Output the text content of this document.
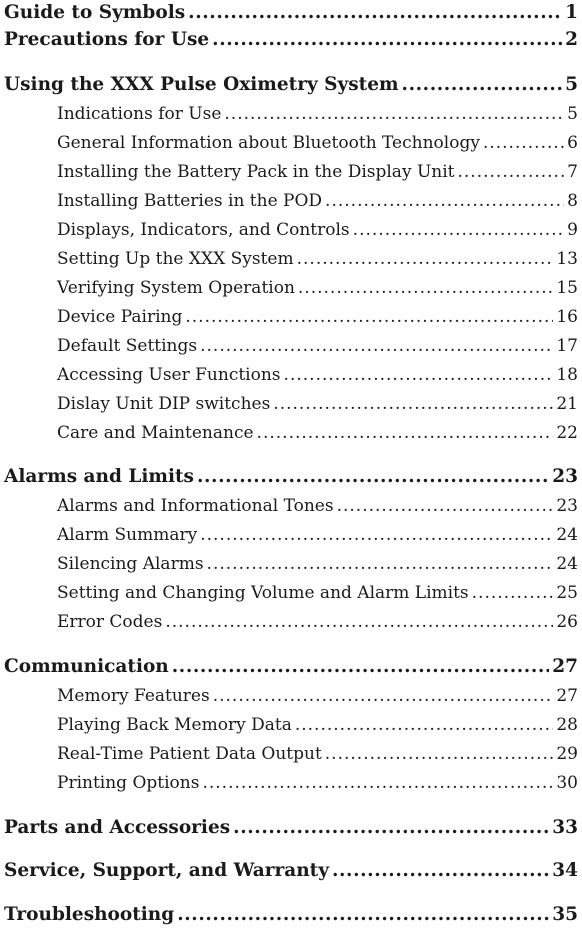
Guide to Symbols .....	1
Precautions for Use .....	2
Using the XXX Pulse Oximetry System .....	5
Indications for Use .....	5
General Information about Bluetooth Technology .....	6
Installing the Battery Pack in the Display Unit .....	7
Installing Batteries in the POD .....	8
Displays, Indicators, and Controls .....	9
Setting Up the XXX System .....	13
Verifying System Operation .....	15
Device Pairing .....	16
Default Settings .....	17
Accessing User Functions .....	18
Dislay Unit DIP switches .....	21
Care and Maintenance .....	22
Alarms and Limits .....	23
Alarms and Informational Tones .....	23
Alarm Summary .....	24
Silencing Alarms .....	24
Setting and Changing Volume and Alarm Limits .....	25
Error Codes .....	26
Communication .....	27
Memory Features .....	27
Playing Back Memory Data .....	28
Real-Time Patient Data Output .....	29
Printing Options .....	30
Parts and Accessories .....	33
Service, Support, and Warranty .....	34
Troubleshooting .....	35
